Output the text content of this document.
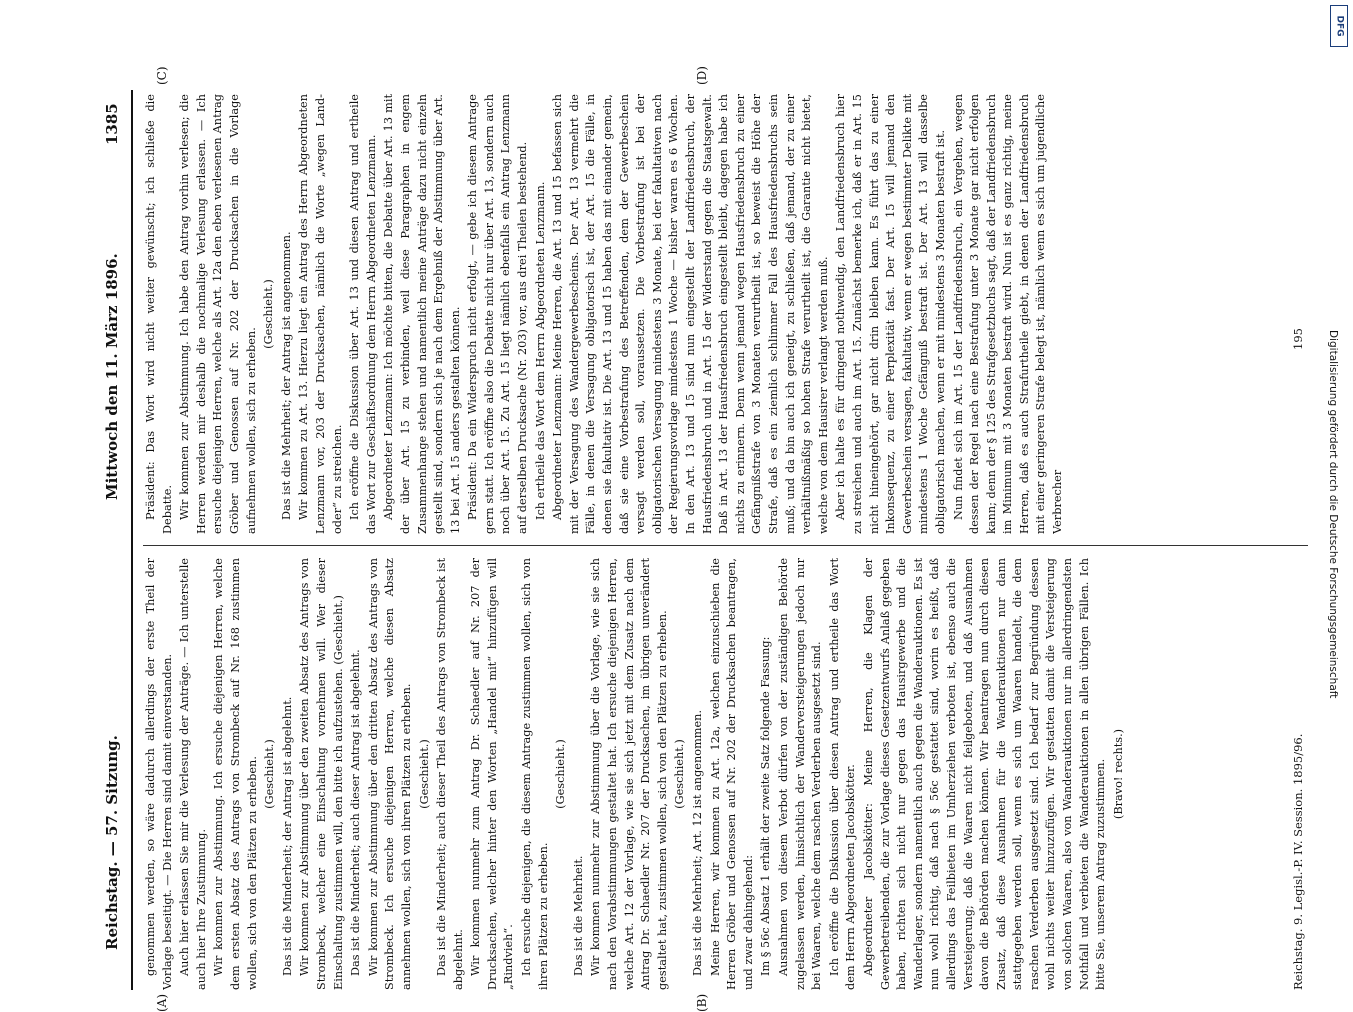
Reichstag. — 57. Sitzung.
Mittwoch den 11. März 1896.
1385
(A)	(B)
(C)	(D)

genommen werden, so wäre dadurch allerdings der erste Theil der Vorlage beseitigt. — Die Herren sind damit einverstanden. Auch hier erlassen Sie mir die Verlesung der Anträge. — Ich unterstelle auch hier Ihre Zustimmung. Wir kommen zur Abstimmung. Ich ersuche diejenigen Herren, welche dem ersten Absatz des Antrags von Strombeck auf Nr. 168 zustimmen wollen, sich von den Plätzen zu erheben. (Geschieht.) Das ist die Minderheit; der Antrag ist abgelehnt. Wir kommen zur Abstimmung über den zweiten Absatz des Antrags von Strombeck, welcher eine Einschaltung vornehmen will. Wer dieser Einschaltung zustimmen will, den bitte ich aufzustehen. (Geschieht.) Das ist die Minderheit; auch dieser Antrag ist abgelehnt. Wir kommen zur Abstimmung über den dritten Absatz des Antrags von Strombeck. Ich ersuche diejenigen Herren, welche diesen Absatz annehmen wollen, sich von ihren Plätzen zu erheben. (Geschieht.) Das ist die Minderheit; auch dieser Theil des Antrags von Strombeck ist abgelehnt. Wir kommen nunmehr zum Antrag Dr. Schaedler auf Nr. 207 der Drucksachen, welcher hinter den Worten „Handel mit“ hinzufügen will „Rindvieh“. Ich ersuche diejenigen, die diesem Antrage zustimmen wollen, sich von ihren Plätzen zu erheben.

(Geschieht.)

Das ist die Mehrheit. Wir kommen nunmehr zur Abstimmung über die Vorlage, wie sie sich nach den Vorabstimmungen gestaltet hat. Ich ersuche diejenigen Herren, welche Art. 12 der Vorlage, wie sie sich jetzt mit dem Zusatz nach dem Antrag Dr. Schaedler Nr. 207 der Drucksachen, im übrigen unverändert gestaltet hat, zustimmen wollen, sich von den Plätzen zu erheben. (Geschieht.) Das ist die Mehrheit; Art. 12 ist angenommen. Meine Herren, wir kommen zu Art. 12a, welchen einzuschieben die Herren Gröber und Genossen auf Nr. 202 der Drucksachen beantragen, und zwar dahingehend: Im § 56c Absatz 1 erhält der zweite Satz folgende Fassung: Ausnahmen von diesem Verbot dürfen von der zuständigen Behörde zugelassen werden, hinsichtlich der Wanderversteigerungen jedoch nur bei Waaren, welche dem raschen Verderben ausgesetzt sind. Ich eröffne die Diskussion über diesen Antrag und ertheile das Wort dem Herrn Abgeordneten Jacobskötter. Abgeordneter Jacobskötter: Meine Herren, die Klagen der Gewerbetreibenden, die zur Vorlage dieses Gesetzentwurfs Anlaß gegeben haben, richten sich nicht nur gegen das Hausirgewerbe und die Wanderlager, sondern namentlich auch gegen die Wanderauktionen. Es ist nun wohl richtig, daß nach § 56c gestattet sind, worin es heißt, daß allerdings das Feilbieten im Umherziehen verboten ist, ebenso auch die Versteigerung; daß die Waaren nicht feilgeboten, und daß Ausnahmen davon die Behörden machen können. Wir beantragen nun durch diesen Zusatz, daß diese Ausnahmen für die Wanderauktionen nur dann stattgegeben werden soll, wenn es sich um Waaren handelt, die dem raschen Verderben ausgesetzt sind. Ich bedarf zur Begründung dessen wohl nichts weiter hinzuzufügen. Wir gestatten damit die Versteigerung von solchen Waaren, also von Wanderauktionen nur im allerdringendsten Nothfall und verbieten die Wanderauktionen in allen übrigen Fällen. Ich bitte Sie, unserem Antrag zuzustimmen. (Bravo! rechts.)

Präsident: Das Wort wird nicht weiter gewünscht; ich schließe die Debatte. Wir kommen zur Abstimmung. Ich habe den Antrag vorhin verlesen; die Herren werden mir deshalb die nochmalige Verlesung erlassen. — Ich ersuche diejenigen Herren, welche als Art. 12a den eben verlesenen Antrag Gröber und Genossen auf Nr. 202 der Drucksachen in die Vorlage aufnehmen wollen, sich zu erheben.

(Geschieht.) Das ist die Mehrheit; der Antrag ist angenommen. Wir kommen zu Art. 13. Hierzu liegt ein Antrag des Herrn Abgeordneten Lenzmann vor, 203 der Drucksachen, nämlich die Worte „wegen Land- oder“ zu streichen. Ich eröffne die Diskussion über Art. 13 und diesen Antrag und ertheile das Wort zur Geschäftsordnung dem Herrn Abgeordneten Lenzmann. Abgeordneter Lenzmann: Ich möchte bitten, die Debatte über Art. 13 mit der über Art. 15 zu verbinden, weil diese Paragraphen in engem Zusammenhange stehen und namentlich meine Anträge dazu nicht einzeln gestellt sind, sondern sich je nach dem Ergebniß der Abstimmung über Art. 13 bei Art. 15 anders gestalten können. Präsident: Da ein Widerspruch nicht erfolgt, — gebe ich diesem Antrage gern statt. Ich eröffne also die Debatte nicht nur über Art. 13, sondern auch noch über Art. 15. Zu Art. 15 liegt nämlich ebenfalls ein Antrag Lenzmann auf derselben Drucksache (Nr. 203) vor, aus drei Theilen bestehend. Ich ertheile das Wort dem Herrn Abgeordneten Lenzmann. Abgeordneter Lenzmann: Meine Herren, die Art. 13 und 15 befassen sich mit der Versagung des Wandergewerbescheins. Der Art. 13 vermehrt die Fälle, in denen die Versagung obligatorisch ist, der Art. 15 die Fälle, in denen sie fakultativ ist. Die Art. 13 und 15 haben das mit einander gemein, daß sie eine Vorbestrafung des Betreffenden, dem der Gewerbeschein versagt werden soll, voraussetzen. Die Vorbestrafung ist bei der obligatorischen Versagung mindestens 3 Monate, bei der fakultativen nach der Regierungsvorlage mindestens 1 Woche — bisher waren es 6 Wochen. In den Art. 13 und 15 sind nun eingestellt der Landfriedensbruch, der Hausfriedensbruch und in Art. 15 der Widerstand gegen die Staatsgewalt. Daß in Art. 13 der Hausfriedensbruch eingestellt bleibt, dagegen habe ich nichts zu erinnern. Denn wenn jemand wegen Hausfriedensbruch zu einer Gefängnißstrafe von 3 Monaten verurtheilt ist, so beweist die Höhe der Strafe, daß es ein ziemlich schlimmer Fall des Hausfriedensbruchs sein muß; und da bin auch ich geneigt, zu schließen, daß jemand, der zu einer verhältnißmäßig so hohen Strafe verurtheilt ist, die Garantie nicht bietet, welche von dem Hausirer verlangt werden muß. Aber ich halte es für dringend nothwendig, den Landfriedensbruch hier zu streichen und auch im Art. 15. Zunächst bemerke ich, daß er in Art. 15 nicht hineingehört, gar nicht drin bleiben kann. Es führt das zu einer Inkonsequenz, zu einer Perplexität fast. Der Art. 15 will jemand den Gewerbeschein versagen, fakultativ, wenn er wegen bestimmter Delikte mit mindestens 1 Woche Gefängniß bestraft ist. Der Art. 13 will dasselbe obligatorisch machen, wenn er mit mindestens 3 Monaten bestraft ist. Nun findet sich im Art. 15 der Landfriedensbruch, ein Vergehen, wegen dessen der Regel nach eine Bestrafung unter 3 Monate gar nicht erfolgen kann; denn der § 125 des Strafgesetzbuchs sagt, daß der Landfriedensbruch im Minimum mit 3 Monaten bestraft wird. Nun ist es ganz richtig, meine Herren, daß es auch Strafurtheile giebt, in denen der Landfriedensbruch mit einer geringeren Strafe belegt ist, nämlich wenn es sich um jugendliche Verbrecher

Reichstag. 9. Legisl.-P. IV. Session. 1895/96.
195
DFG
Digitalisierung gefördert durch die Deutsche Forschungsgemeinschaft
